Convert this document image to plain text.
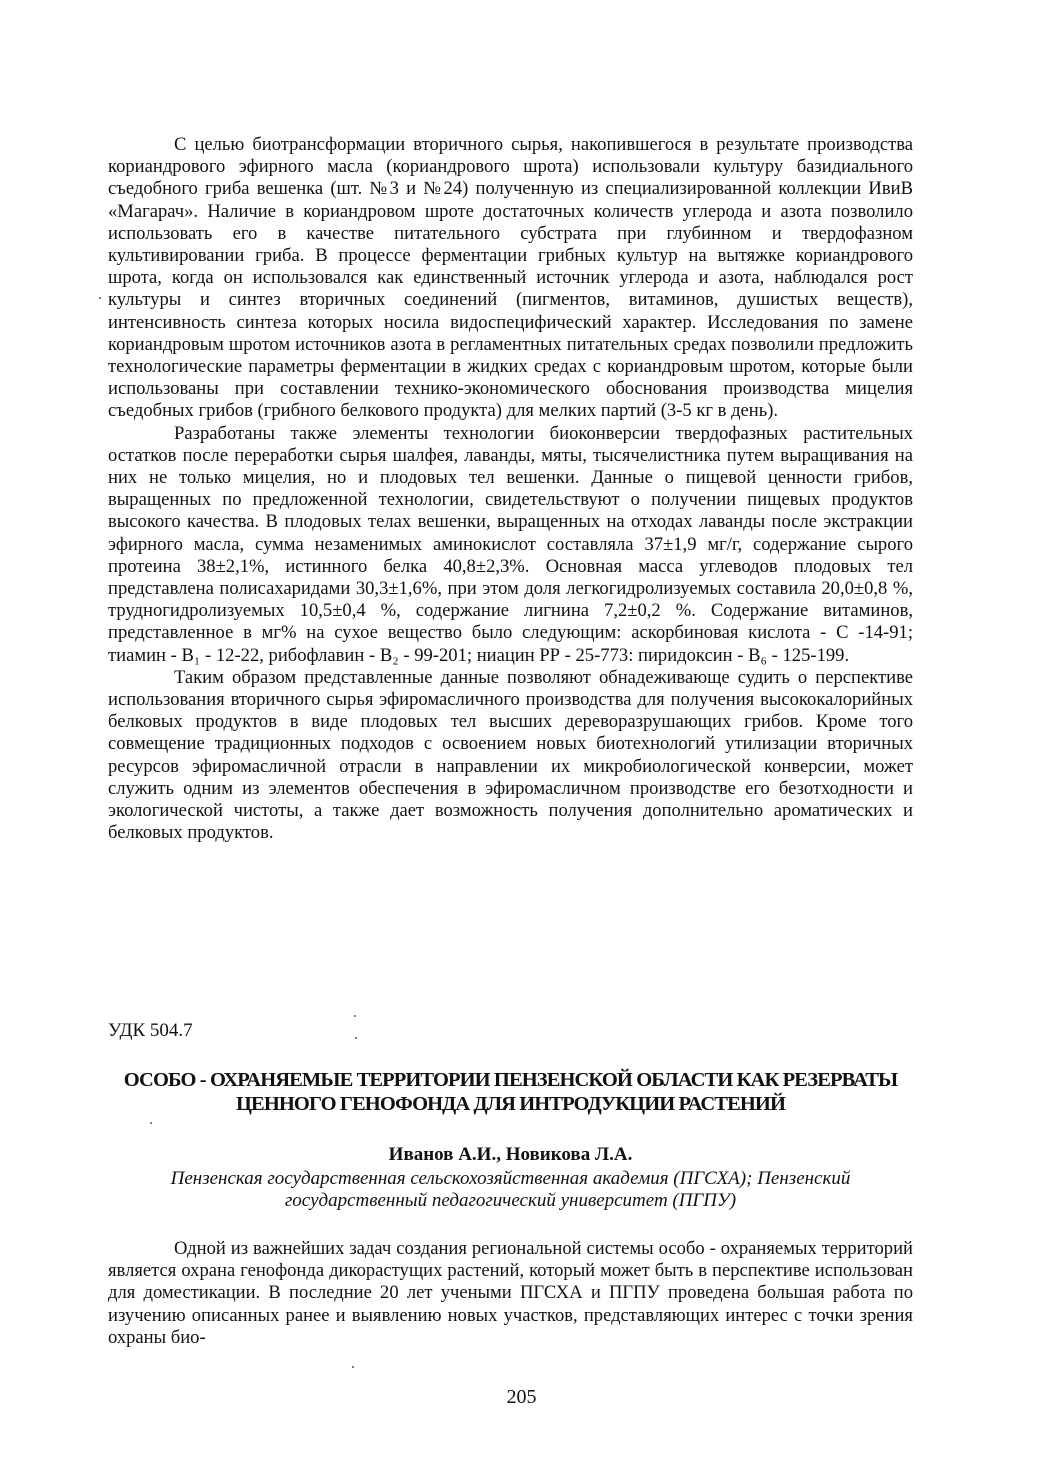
С целью биотрансформации вторичного сырья, накопившегося в результате производства кориандрового эфирного масла (кориандрового шрота) использовали культуру базидиального съедобного гриба вешенка (шт. №3 и №24) полученную из специализированной коллекции ИвиВ «Магарач». Наличие в кориандровом шроте достаточных количеств углерода и азота позволило использовать его в качестве питательного субстрата при глубинном и твердофазном культивировании гриба. В процессе ферментации грибных культур на вытяжке кориандрового шрота, когда он использовался как единственный источник углерода и азота, наблюдался рост культуры и синтез вторичных соединений (пигментов, витаминов, душистых веществ), интенсивность синтеза которых носила видоспецифический характер. Исследования по замене кориандровым шротом источников азота в регламентных питательных средах позволили предложить технологические параметры ферментации в жидких средах с кориандровым шротом, которые были использованы при составлении технико-экономического обоснования производства мицелия съедобных грибов (грибного белкового продукта) для мелких партий (3-5 кг в день).

Разработаны также элементы технологии биоконверсии твердофазных растительных остатков после переработки сырья шалфея, лаванды, мяты, тысячелистника путем выращивания на них не только мицелия, но и плодовых тел вешенки. Данные о пищевой ценности грибов, выращенных по предложенной технологии, свидетельствуют о получении пищевых продуктов высокого качества. В плодовых телах вешенки, выращенных на отходах лаванды после экстракции эфирного масла, сумма незаменимых аминокислот составляла 37±1,9 мг/г, содержание сырого протеина 38±2,1%, истинного белка 40,8±2,3%. Основная масса углеводов плодовых тел представлена полисахаридами 30,3±1,6%, при этом доля легкогидролизуемых составила 20,0±0,8 %, трудногидролизуемых 10,5±0,4 %, содержание лигнина 7,2±0,2 %. Содержание витаминов, представленное в мг% на сухое вещество было следующим: аскорбиновая кислота - С -14-91; тиамин - B₁ - 12-22, рибофлавин - B₂ - 99-201; ниацин РР - 25-773: пиридоксин - B₆ - 125-199.

Таким образом представленные данные позволяют обнадеживающе судить о перспективе использования вторичного сырья эфиромасличного производства для получения высококалорийных белковых продуктов в виде плодовых тел высших дереворазрушающих грибов. Кроме того совмещение традиционных подходов с освоением новых биотехнологий утилизации вторичных ресурсов эфиромасличной отрасли в направлении их микробиологической конверсии, может служить одним из элементов обеспечения в эфиромасличном производстве его безотходности и экологической чистоты, а также дает возможность получения дополнительно ароматических и белковых продуктов.

УДК 504.7
ОСОБО - ОХРАНЯЕМЫЕ ТЕРРИТОРИИ ПЕНЗЕНСКОЙ ОБЛАСТИ КАК РЕЗЕРВАТЫ ЦЕННОГО ГЕНОФОНДА ДЛЯ ИНТРОДУКЦИИ РАСТЕНИЙ
Иванов А.И., Новикова Л.А.
Пензенская государственная сельскохозяйственная академия (ПГСХА); Пензенский государственный педагогический университет (ПГПУ)

Одной из важнейших задач создания региональной системы особо - охраняемых территорий является охрана генофонда дикорастущих растений, который может быть в перспективе использован для доместикации. В последние 20 лет учеными ПГСХА и ПГПУ проведена большая работа по изучению описанных ранее и выявлению новых участков, представляющих интерес с точки зрения охраны био-

205
